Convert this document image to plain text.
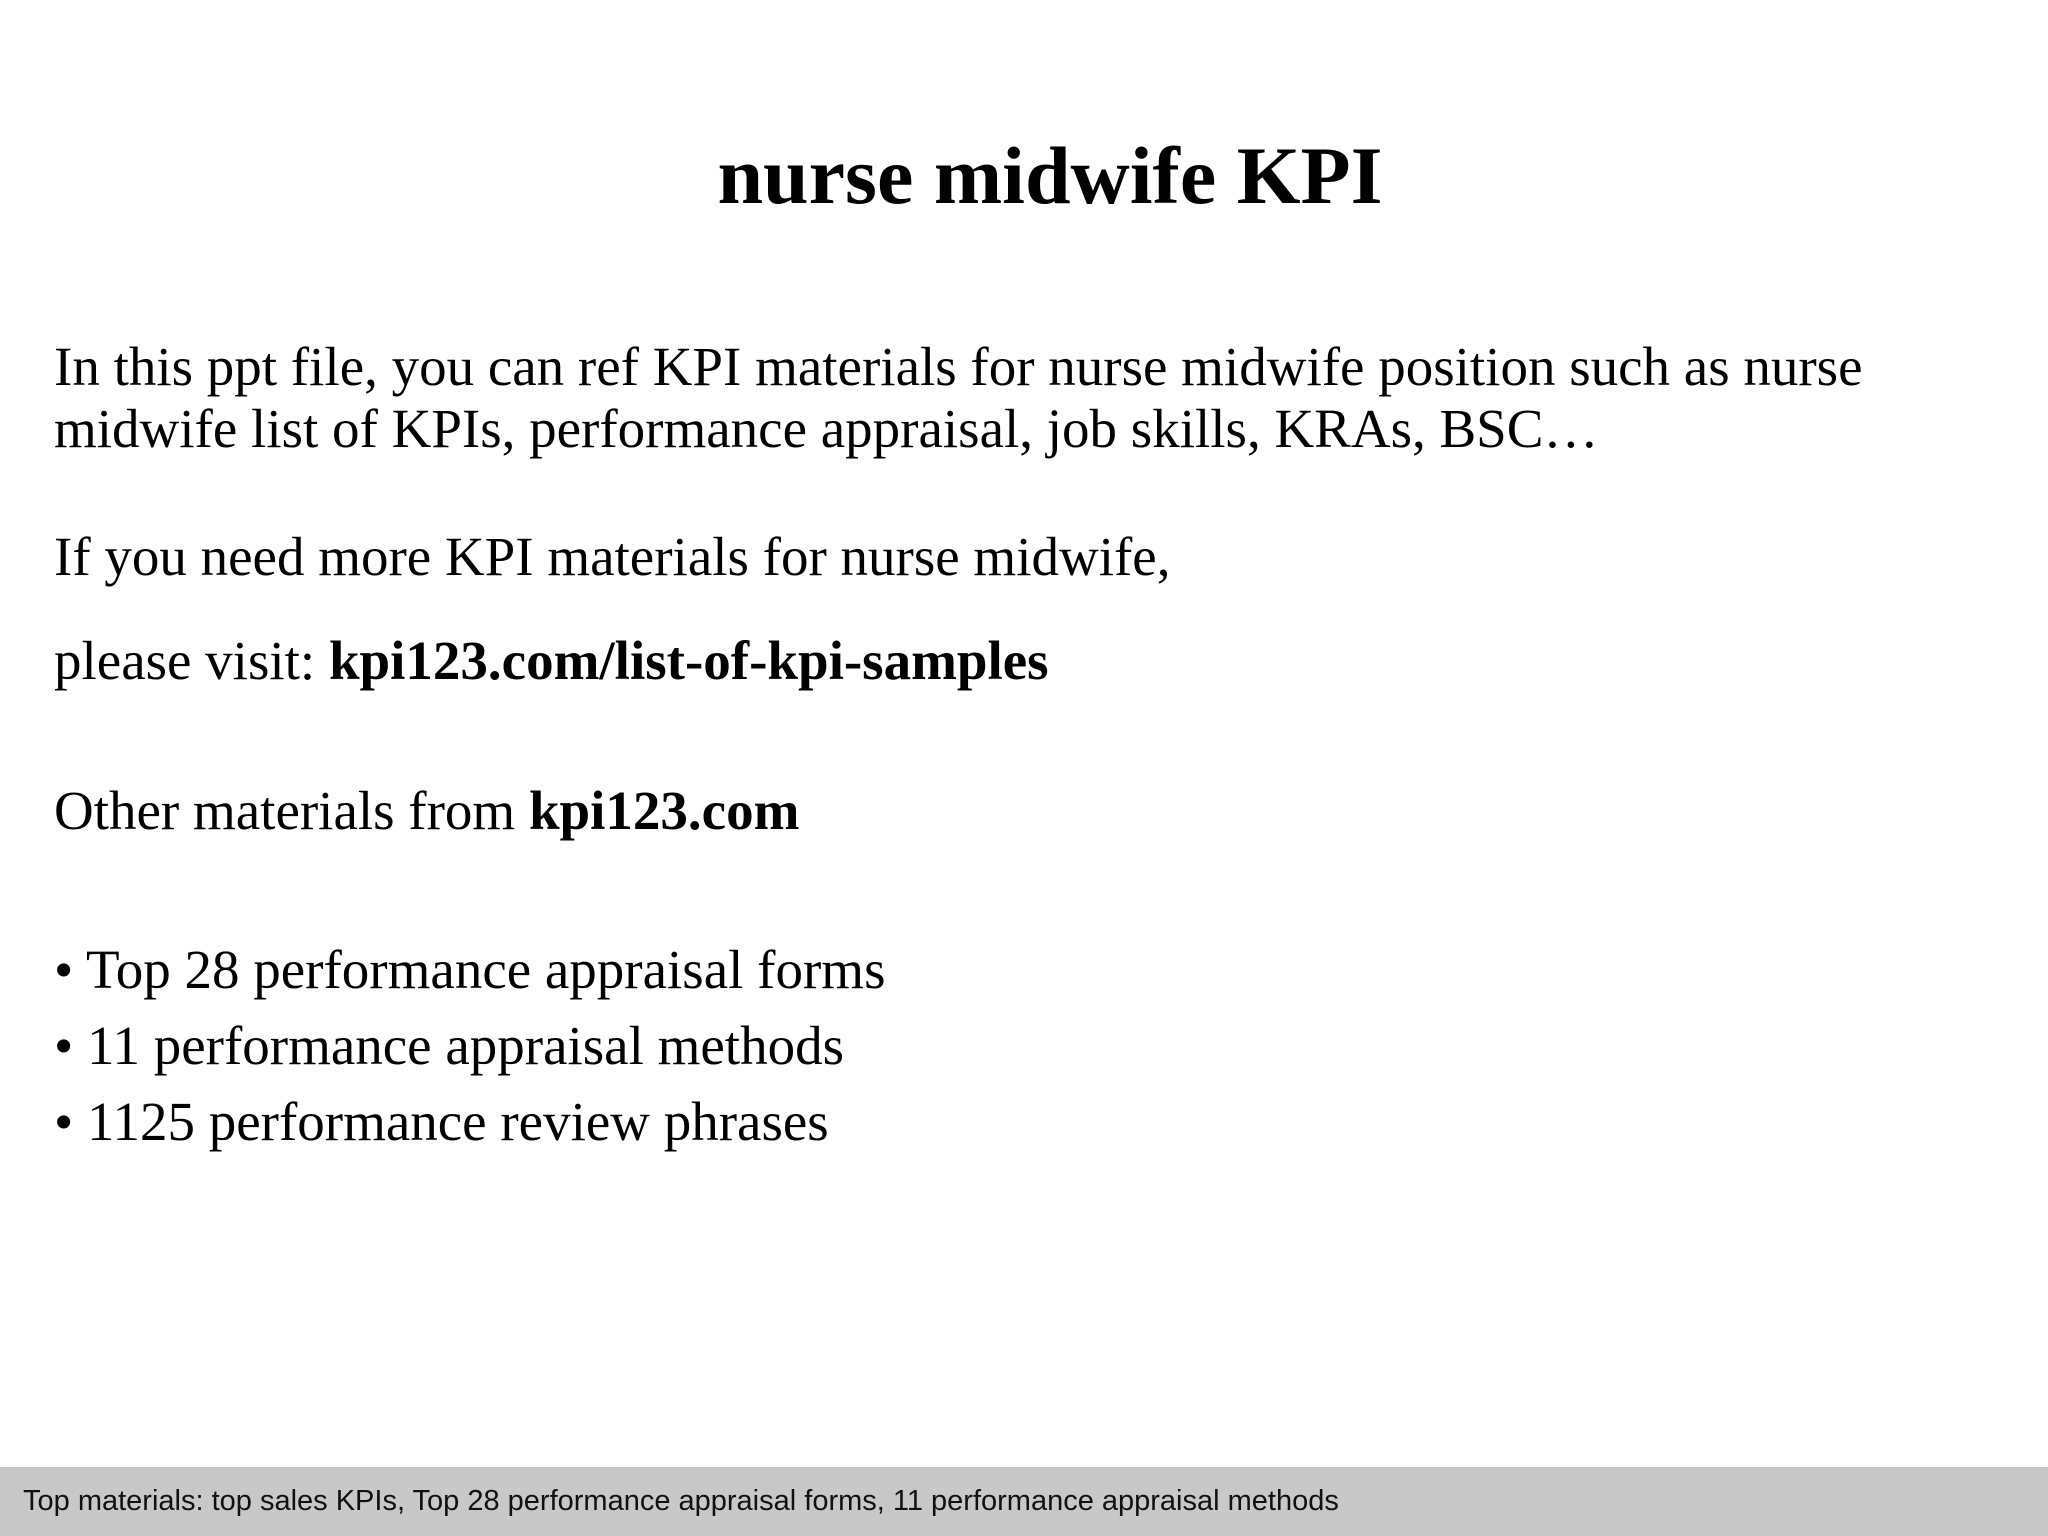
nurse midwife KPI
In this ppt file, you can ref KPI materials for nurse midwife position such as nurse midwife list of KPIs, performance appraisal, job skills, KRAs, BSC…
If you need more KPI materials for nurse midwife,
please visit: kpi123.com/list-of-kpi-samples
Other materials from kpi123.com
• Top 28 performance appraisal forms
• 11 performance appraisal methods
• 1125 performance review phrases
Top materials: top sales KPIs, Top 28 performance appraisal forms, 11 performance appraisal methods
